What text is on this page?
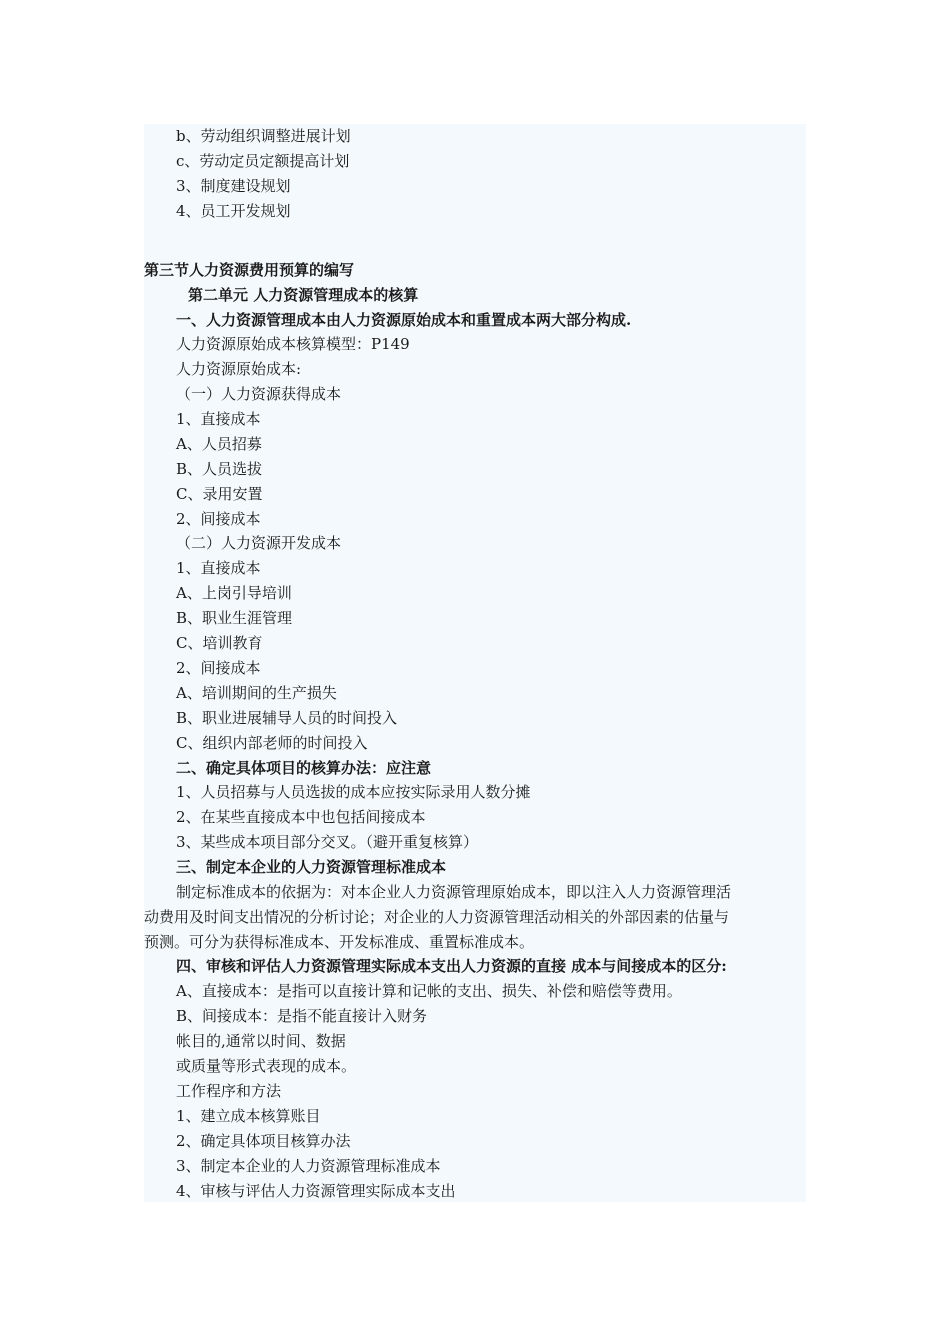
b、劳动组织调整进展计划
c、劳动定员定额提高计划
3、制度建设规划
4、员工开发规划
第三节人力资源费用预算的编写
第二单元 人力资源管理成本的核算
一、人力资源管理成本由人力资源原始成本和重置成本两大部分构成.
人力资源原始成本核算模型：P149
人力资源原始成本:
（一）人力资源获得成本
1、直接成本
A、人员招募
B、人员选拔
C、录用安置
2、间接成本
（二）人力资源开发成本
1、直接成本
A、上岗引导培训
B、职业生涯管理
C、培训教育
2、间接成本
A、培训期间的生产损失
B、职业进展辅导人员的时间投入
C、组织内部老师的时间投入
二、确定具体项目的核算办法：应注意
1、人员招募与人员选拔的成本应按实际录用人数分摊
2、在某些直接成本中也包括间接成本
3、某些成本项目部分交叉。（避开重复核算）
三、制定本企业的人力资源管理标准成本
制定标准成本的依据为：对本企业人力资源管理原始成本，即以注入人力资源管理活
动费用及时间支出情况的分析讨论；对企业的人力资源管理活动相关的外部因素的估量与
预测。可分为获得标准成本、开发标准成、重置标准成本。
四、审核和评估人力资源管理实际成本支出人力资源的直接 成本与间接成本的区分:
A、直接成本：是指可以直接计算和记帐的支出、损失、补偿和赔偿等费用。
B、间接成本：是指不能直接计入财务
帐目的,通常以时间、数据
或质量等形式表现的成本。
工作程序和方法
1、建立成本核算账目
2、确定具体项目核算办法
3、制定本企业的人力资源管理标准成本
4、审核与评估人力资源管理实际成本支出
